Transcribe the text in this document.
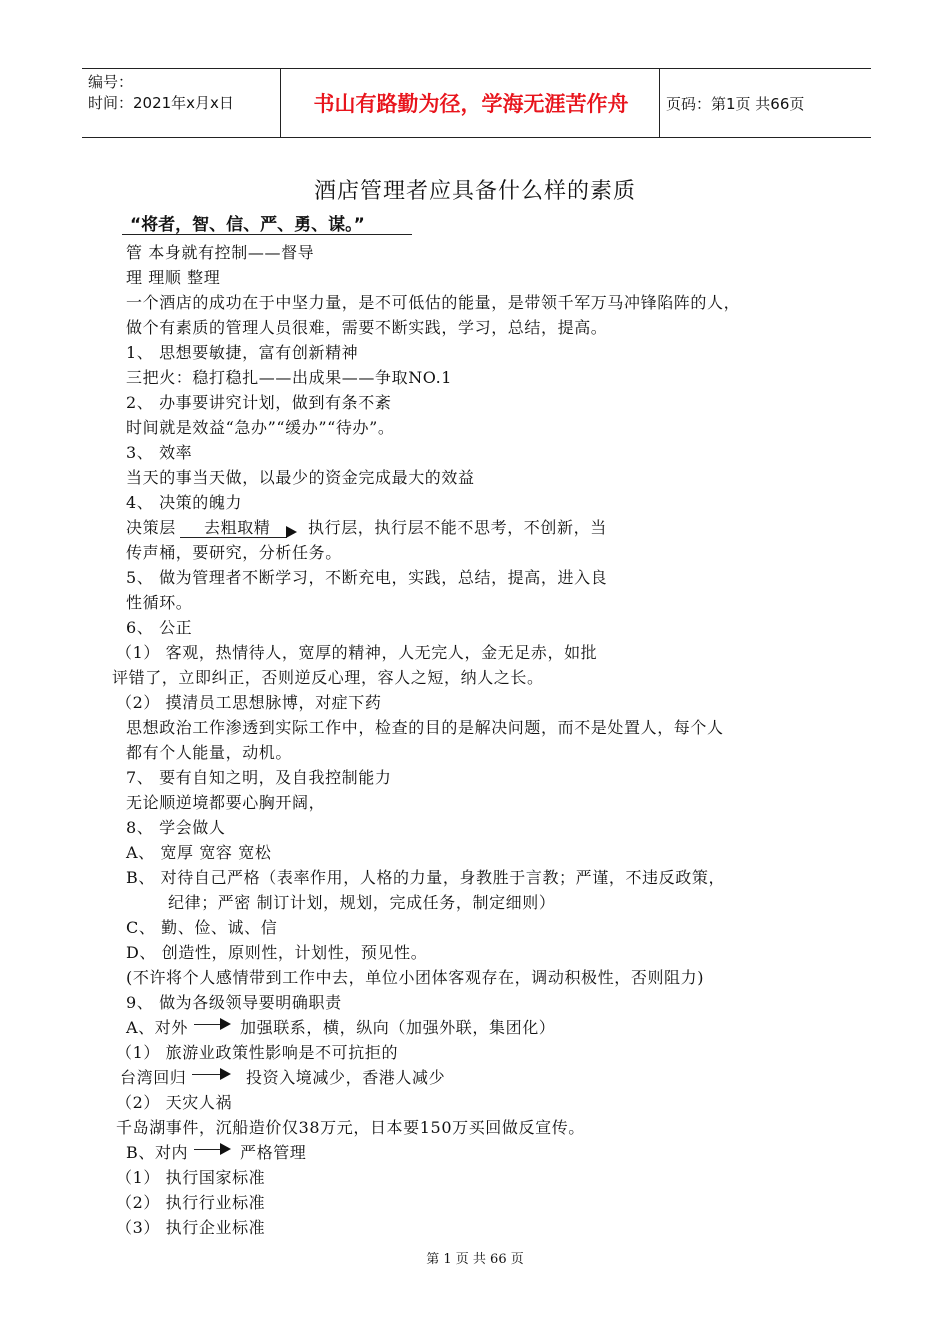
编号：
时间：2021年x月x日	书山有路勤为径，学海无涯苦作舟	页码：第1页 共66页
酒店管理者应具备什么样的素质
“将者，智、信、严、勇、谋。”
管 本身就有控制——督导
理 理顺 整理
一个酒店的成功在于中坚力量，是不可低估的能量，是带领千军万马冲锋陷阵的人，
做个有素质的管理人员很难，需要不断实践，学习，总结，提高。
1、 思想要敏捷，富有创新精神
三把火：稳打稳扎——出成果——争取NO.1
2、 办事要讲究计划，做到有条不紊
时间就是效益“急办”“缓办”“待办”。
3、 效率
当天的事当天做，以最少的资金完成最大的效益
4、 决策的魄力
决策层 去粗取精 执行层，执行层不能不思考，不创新，当
传声桶，要研究，分析任务。
5、 做为管理者不断学习，不断充电，实践，总结，提高，进入良
性循环。
6、 公正
（1） 客观，热情待人，宽厚的精神，人无完人，金无足赤，如批
评错了，立即纠正，否则逆反心理，容人之短，纳人之长。
（2） 摸清员工思想脉博，对症下药
思想政治工作渗透到实际工作中，检查的目的是解决问题，而不是处置人，每个人
都有个人能量，动机。
7、 要有自知之明，及自我控制能力
无论顺逆境都要心胸开阔，
8、 学会做人
A、 宽厚 宽容 宽松
B、 对待自己严格（表率作用，人格的力量，身教胜于言教；严谨，不违反政策，
纪律；严密 制订计划，规划，完成任务，制定细则）
C、 勤、俭、诚、信
D、 创造性，原则性，计划性，预见性。
(不许将个人感情带到工作中去，单位小团体客观存在，调动积极性，否则阻力)
9、 做为各级领导要明确职责
A、对外	加强联系，横，纵向（加强外联，集团化）
（1） 旅游业政策性影响是不可抗拒的
台湾回归	投资入境减少，香港人减少
（2） 天灾人祸
千岛湖事件，沉船造价仅38万元，日本要150万买回做反宣传。
B、对内	严格管理
（1） 执行国家标准
（2） 执行行业标准
（3） 执行企业标准
第 1 页 共 66 页
